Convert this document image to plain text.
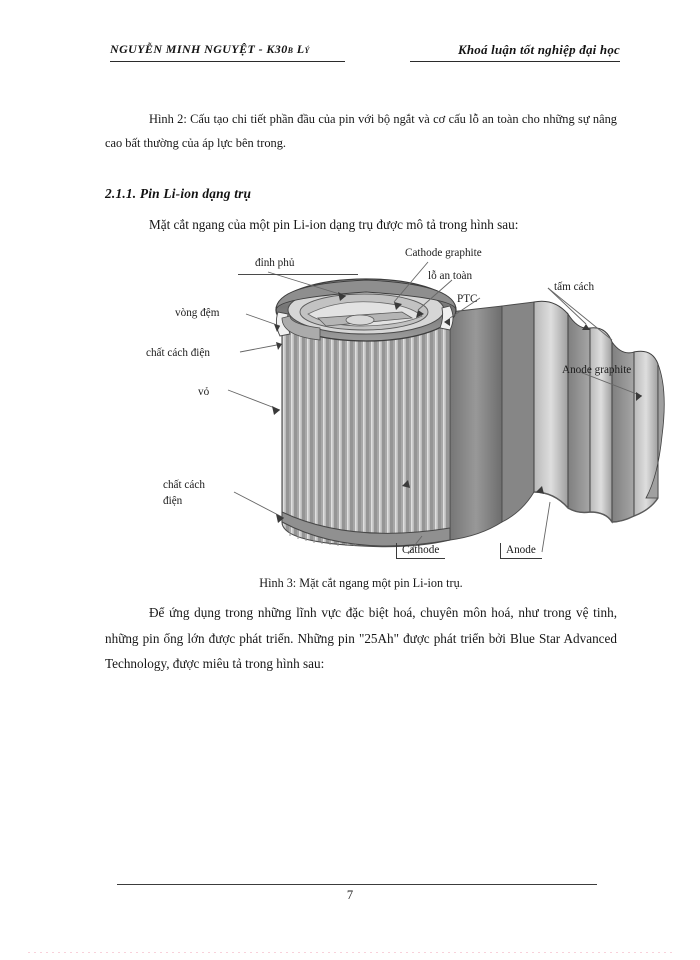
NGUYỄN MINH NGUYỆT - K30b Lý	Khoá luận tốt nghiệp đại học
Hình 2: Cấu tạo chi tiết phần đầu của pin với bộ ngắt và cơ cấu lỗ an toàn cho những sự nâng cao bất thường của áp lực bên trong.
2.1.1. Pin Li-ion dạng trụ
Mặt cắt ngang của một pin Li-ion dạng trụ được mô tả trong hình sau:
đỉnh phủ
Cathode graphite
lỗ an toàn
PTC
vòng đệm
chất cách điện
vỏ
chất cách
điện
tấm cách
Anode graphite
Cathode	Anode
Hình 3: Mặt cắt ngang một pin Li-ion trụ.
Để ứng dụng trong những lĩnh vực đặc biệt hoá, chuyên môn hoá, như trong vệ tinh, những pin ống lớn được phát triển. Những pin "25Ah" được phát triển bởi Blue Star Advanced Technology, được miêu tả trong hình sau:
7
